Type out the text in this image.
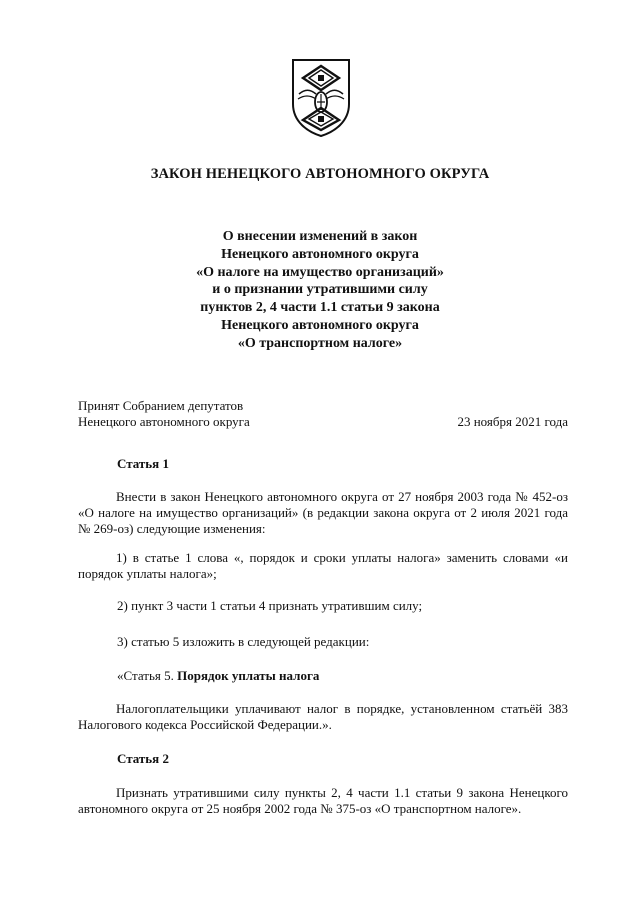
ЗАКОН НЕНЕЦКОГО АВТОНОМНОГО ОКРУГА
О внесении изменений в закон
Ненецкого автономного округа
«О налоге на имущество организаций»
и о признании утратившими силу
пунктов 2, 4 части 1.1 статьи 9 закона
Ненецкого автономного округа
«О транспортном налоге»
Принят Собранием депутатов
Ненецкого автономного округа	23 ноября 2021 года
Статья 1
Внести в закон Ненецкого автономного округа от 27 ноября 2003 года № 452-оз «О налоге на имущество организаций» (в редакции закона округа от 2 июля 2021 года № 269-оз) следующие изменения:
1) в статье 1 слова «, порядок и сроки уплаты налога» заменить словами «и порядок уплаты налога»;
2) пункт 3 части 1 статьи 4 признать утратившим силу;
3) статью 5 изложить в следующей редакции:
«Статья 5. Порядок уплаты налога
Налогоплательщики уплачивают налог в порядке, установленном статьёй 383 Налогового кодекса Российской Федерации.».
Статья 2
Признать утратившими силу пункты 2, 4 части 1.1 статьи 9 закона Ненецкого автономного округа от 25 ноября 2002 года № 375-оз «О транспортном налоге».
